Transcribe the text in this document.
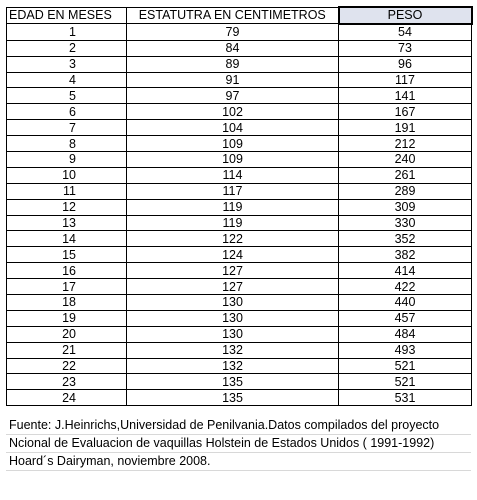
EDAD EN MESES	ESTATUTRA EN CENTIMETROS	PESO
1	79	54
2	84	73
3	89	96
4	91	117
5	97	141
6	102	167
7	104	191
8	109	212
9	109	240
10	114	261
11	117	289
12	119	309
13	119	330
14	122	352
15	124	382
16	127	414
17	127	422
18	130	440
19	130	457
20	130	484
21	132	493
22	132	521
23	135	521
24	135	531
Fuente: J.Heinrichs,Universidad de Penilvania.Datos compilados del proyecto
Ncional de Evaluacion de vaquillas Holstein de Estados Unidos ( 1991-1992)
Hoard´s Dairyman, noviembre 2008.
